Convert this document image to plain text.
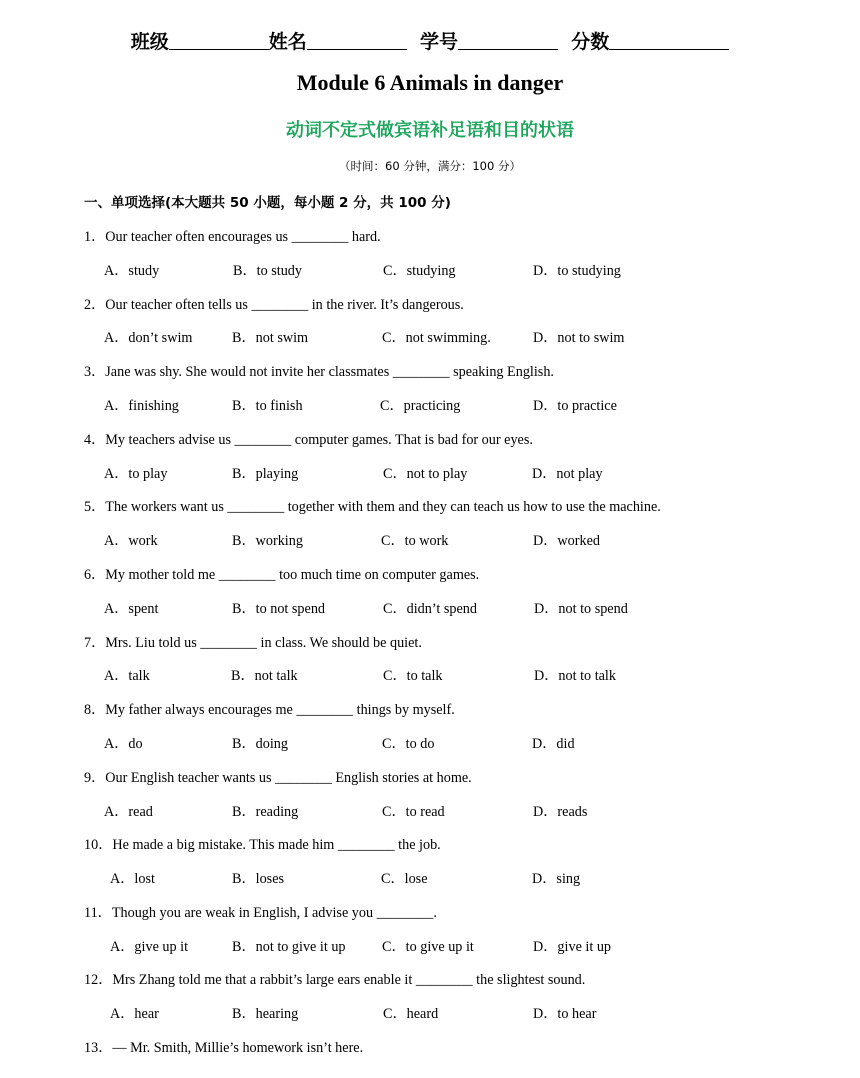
班级	姓名	学号	分数
Module 6 Animals in danger
动词不定式做宾语补足语和目的状语
（时间：60 分钟，满分：100 分）
一、单项选择(本大题共 50 小题，每小题 2 分，共 100 分)
1．Our teacher often encourages us ________ hard.
A．study	B．to study	C．studying	D．to studying
2．Our teacher often tells us ________ in the river. It’s dangerous.
A．don’t swim	B．not swim	C．not swimming.	D．not to swim
3．Jane was shy. She would not invite her classmates ________ speaking English.
A．finishing	B．to finish	C．practicing	D．to practice
4．My teachers advise us ________ computer games. That is bad for our eyes.
A．to play	B．playing	C．not to play	D．not play
5．The workers want us ________ together with them and they can teach us how to use the machine.
A．work	B．working	C．to work	D．worked
6．My mother told me ________ too much time on computer games.
A．spent	B．to not spend	C．didn’t spend	D．not to spend
7．Mrs. Liu told us ________ in class. We should be quiet.
A．talk	B．not talk	C．to talk	D．not to talk
8．My father always encourages me ________ things by myself.
A．do	B．doing	C．to do	D．did
9．Our English teacher wants us ________ English stories at home.
A．read	B．reading	C．to read	D．reads
10．He made a big mistake. This made him ________ the job.
A．lost	B．loses	C．lose	D．sing
11．Though you are weak in English, I advise you ________.
A．give up it	B．not to give it up	C．to give up it	D．give it up
12．Mrs Zhang told me that a rabbit’s large ears enable it ________ the slightest sound.
A．hear	B．hearing	C．heard	D．to hear
13．— Mr. Smith, Millie’s homework isn’t here.
